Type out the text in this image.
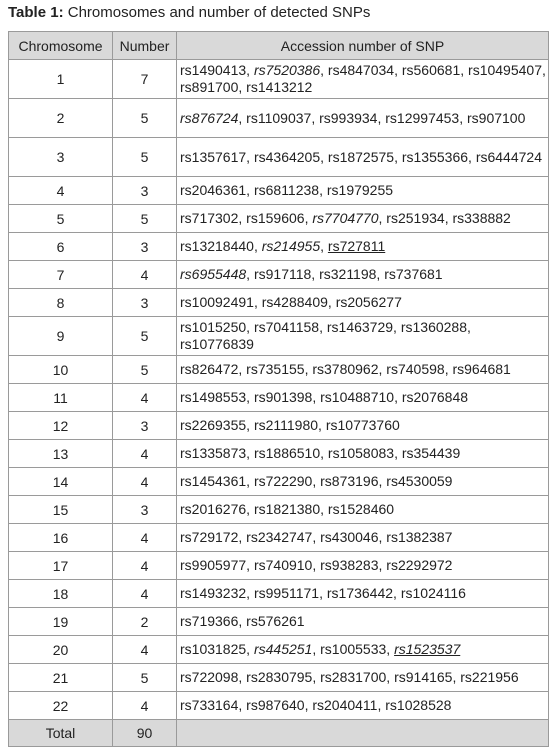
Table 1: Chromosomes and number of detected SNPs
Chromosome	Number	Accession number of SNP
1	7	rs1490413, rs7520386, rs4847034, rs560681, rs10495407, rs891700, rs1413212
2	5	rs876724, rs1109037, rs993934, rs12997453, rs907100
3	5	rs1357617, rs4364205, rs1872575, rs1355366, rs6444724
4	3	rs2046361, rs6811238, rs1979255
5	5	rs717302, rs159606, rs7704770, rs251934, rs338882
6	3	rs13218440, rs214955, rs727811
7	4	rs6955448, rs917118, rs321198, rs737681
8	3	rs10092491, rs4288409, rs2056277
9	5	rs1015250, rs7041158, rs1463729, rs1360288, rs10776839
10	5	rs826472, rs735155, rs3780962, rs740598, rs964681
11	4	rs1498553, rs901398, rs10488710, rs2076848
12	3	rs2269355, rs2111980, rs10773760
13	4	rs1335873, rs1886510, rs1058083, rs354439
14	4	rs1454361, rs722290, rs873196, rs4530059
15	3	rs2016276, rs1821380, rs1528460
16	4	rs729172, rs2342747, rs430046, rs1382387
17	4	rs9905977, rs740910, rs938283, rs2292972
18	4	rs1493232, rs9951171, rs1736442, rs1024116
19	2	rs719366, rs576261
20	4	rs1031825, rs445251, rs1005533, rs1523537
21	5	rs722098, rs2830795, rs2831700, rs914165, rs221956
22	4	rs733164, rs987640, rs2040411, rs1028528
Total	90	
